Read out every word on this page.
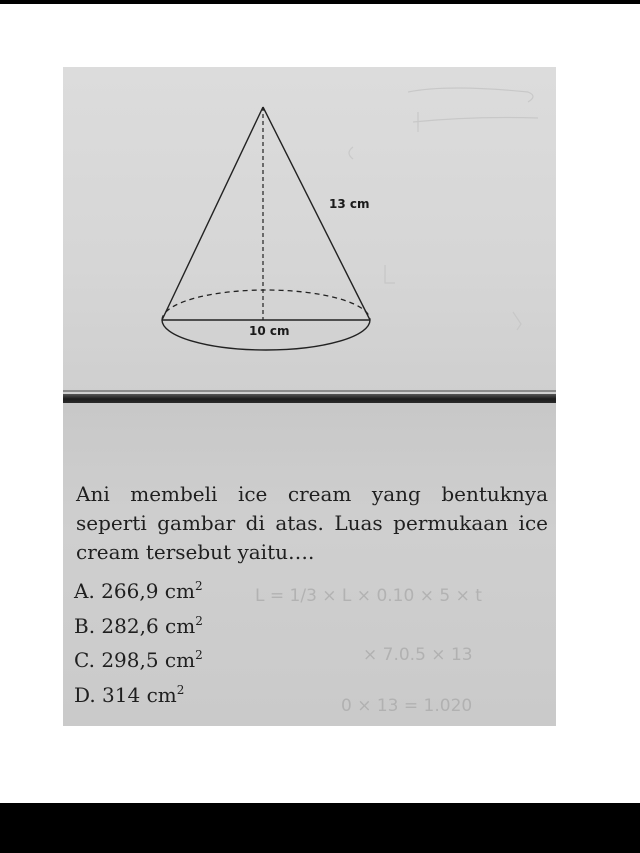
13 cm
10 cm
Ani membeli ice cream yang bentuknya seperti gambar di atas. Luas permukaan ice cream tersebut yaitu….
A. 266,9 $cm^2$
B. 282,6 $cm^2$
C. 298,5 $cm^2$
D. 314 $cm^2$
L = 1/3 × L × 0.10 × 5 × t
× 7.0.5 × 13
0 × 13 = 1.020
